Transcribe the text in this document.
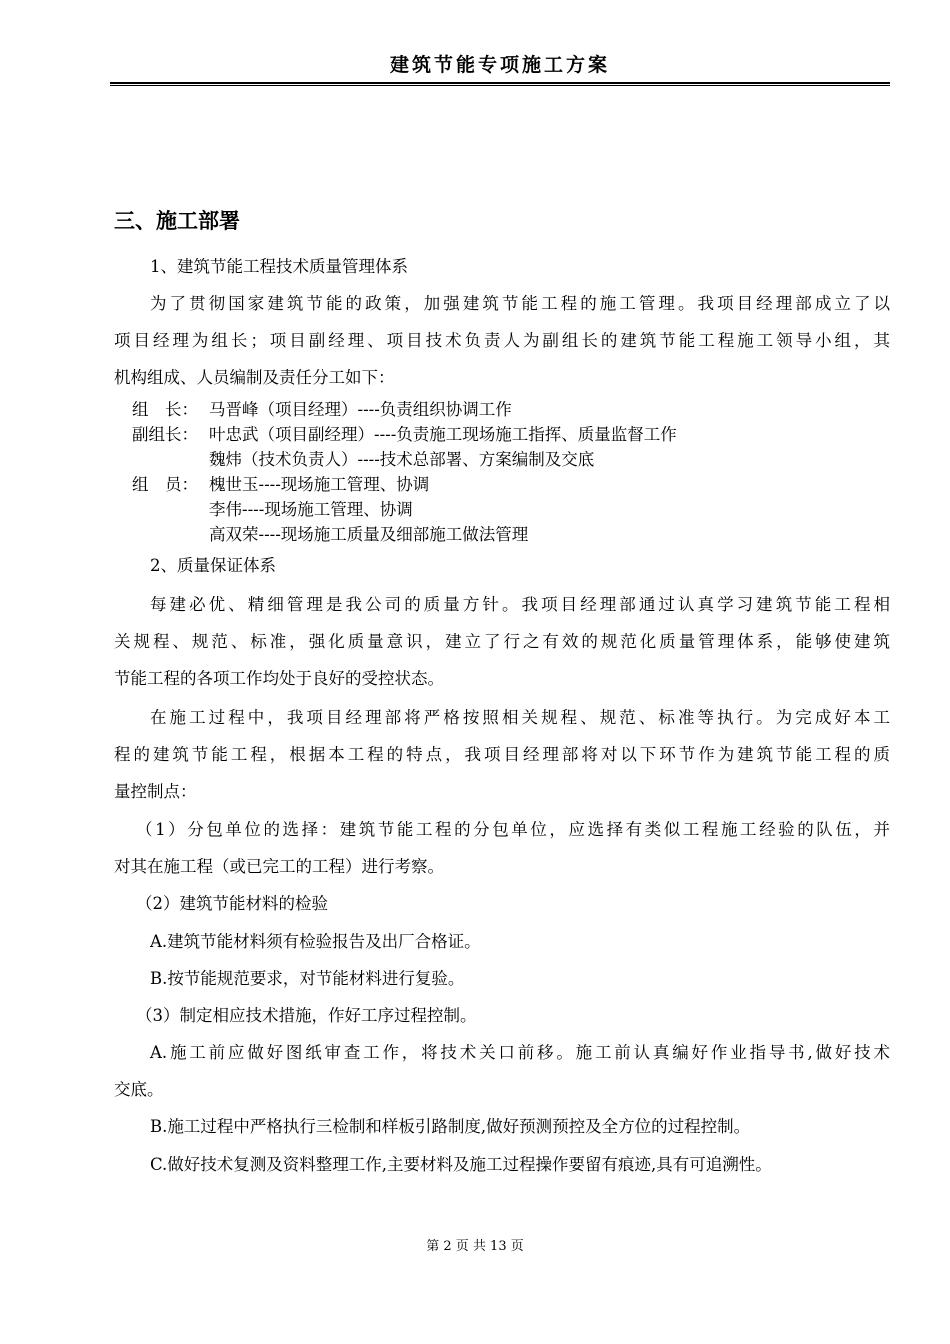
建筑节能专项施工方案
三、施工部署
1、建筑节能工程技术质量管理体系
为了贯彻国家建筑节能的政策，加强建筑节能工程的施工管理。我项目经理部成立了以
项目经理为组长；项目副经理、项目技术负责人为副组长的建筑节能工程施工领导小组，其
机构组成、人员编制及责任分工如下：
组　长： 马晋峰（项目经理）----负责组织协调工作
副组长： 叶忠武（项目副经理）----负责施工现场施工指挥、质量监督工作
魏炜（技术负责人）----技术总部署、方案编制及交底
组　员： 槐世玉----现场施工管理、协调
李伟----现场施工管理、协调
高双荣----现场施工质量及细部施工做法管理
2、质量保证体系
每建必优、精细管理是我公司的质量方针。我项目经理部通过认真学习建筑节能工程相
关规程、规范、标准，强化质量意识，建立了行之有效的规范化质量管理体系，能够使建筑
节能工程的各项工作均处于良好的受控状态。
在施工过程中，我项目经理部将严格按照相关规程、规范、标准等执行。为完成好本工
程的建筑节能工程，根据本工程的特点，我项目经理部将对以下环节作为建筑节能工程的质
量控制点：
（1）分包单位的选择：建筑节能工程的分包单位，应选择有类似工程施工经验的队伍，并
对其在施工程（或已完工的工程）进行考察。
（2）建筑节能材料的检验
A.建筑节能材料须有检验报告及出厂合格证。
B.按节能规范要求，对节能材料进行复验。
（3）制定相应技术措施，作好工序过程控制。
A.施工前应做好图纸审查工作，将技术关口前移。施工前认真编好作业指导书,做好技术
交底。
B.施工过程中严格执行三检制和样板引路制度,做好预测预控及全方位的过程控制。
C.做好技术复测及资料整理工作,主要材料及施工过程操作要留有痕迹,具有可追溯性。
第 2 页 共 13 页
